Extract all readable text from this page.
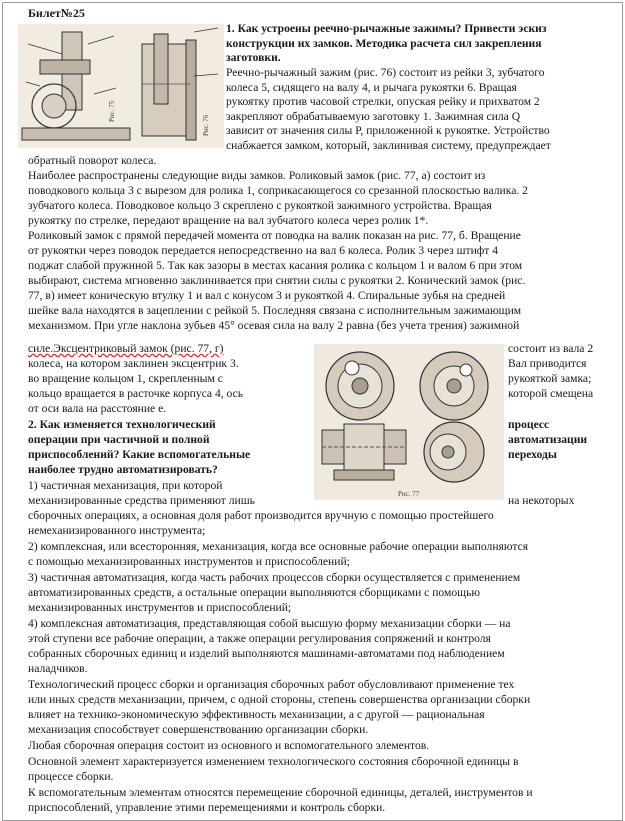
Билет№25
Рис. 75
Рис. 76
Рис. 77
1. Как устроены реечно-рычажные зажимы? Привести эскиз
конструкции их замков. Методика расчета сил закрепления
заготовки.
Реечно-рычажный зажим (рис. 76) состоит из рейки 3, зубчатого
колеса 5, сидящего на валу 4, и рычага рукоятки 6. Вращая
рукоятку против часовой стрелки, опуская рейку и прихватом 2
закрепляют обрабатываемую заготовку 1. Зажимная сила Q
зависит от значения силы P, приложенной к рукоятке. Устройство
снабжается замком, который, заклинивая систему, предупреждает
обратный поворот колеса.
Наиболее распространены следующие виды замков. Роликовый замок (рис. 77, а) состоит из
поводкового кольца 3 с вырезом для ролика 1, соприкасающегося со срезанной плоскостью валика. 2
зубчатого колеса. Поводковое кольцо 3 скреплено с рукояткой зажимного устройства. Вращая
рукоятку по стрелке, передают вращение на вал зубчатого колеса через ролик 1*.
Роликовый замок с прямой передачей момента от поводка на валик показан на рис. 77, б. Вращение
от рукоятки через поводок передается непосредственно на вал 6 колеса. Ролик 3 через штифт 4
поджат слабой пружиной 5. Так как зазоры в местах касания ролика с кольцом 1 и валом 6 при этом
выбирают, система мгновенно заклинивается при снятии силы с рукоятки 2. Конический замок (рис.
77, в) имеет коническую втулку 1 и вал с конусом 3 и рукояткой 4. Спиральные зубья на средней
шейке вала находятся в зацеплении с рейкой 5. Последняя связана с исполнительным зажимающим
механизмом. При угле наклона зубьев 45° осевая сила на валу 2 равна (без учета трения) зажимной
силе.Эксцентриковый замок (рис. 77, г)
колеса, на котором заклинен эксцентрик 3.
во вращение кольцом 1, скрепленным с
кольцо вращается в расточке корпуса 4, ось
от оси вала на расстояние e.
2. Как изменяется технологический
операции при частичной и полной
приспособлений? Какие вспомогательные
наиболее трудно автоматизировать?
1) частичная механизация, при которой
механизированные средства применяют лишь
сборочных операциях, а основная доля работ производится вручную с помощью простейшего
немеханизированного инструмента;
2) комплексная, или всесторонняя, механизация, когда все основные рабочие операции выполняются
с помощью механизированных инструментов и приспособлений;
3) частичная автоматизация, когда часть рабочих процессов сборки осуществляется с применением
автоматизированных средств, а остальные операции выполняются сборщиками с помощью
механизированных инструментов и приспособлений;
4) комплексная автоматизация, представляющая собой высшую форму механизации сборки — на
этой ступени все рабочие операции, а также операции регулирования сопряжений и контроля
собранных сборочных единиц и изделий выполняются машинами-автоматами под наблюдением
наладчиков.
Технологический процесс сборки и организация сборочных работ обусловливают применение тех
или иных средств механизации, причем, с одной стороны, степень совершенства организации сборки
влияет на технико-экономическую эффективность механизации, а с другой — рациональная
механизация способствует совершенствованию организации сборки.
Любая сборочная операция состоит из основного и вспомогательного элементов.
Основной элемент характеризуется изменением технологического состояния сборочной единицы в
процессе сборки.
К вспомогательным элементам относятся перемещение сборочной единицы, деталей, инструментов и
приспособлений, управление этими перемещениями и контроль сборки.
состоит из вала 2
Вал приводится
рукояткой замка;
которой смещена
процесс
автоматизации
переходы
на некоторых
